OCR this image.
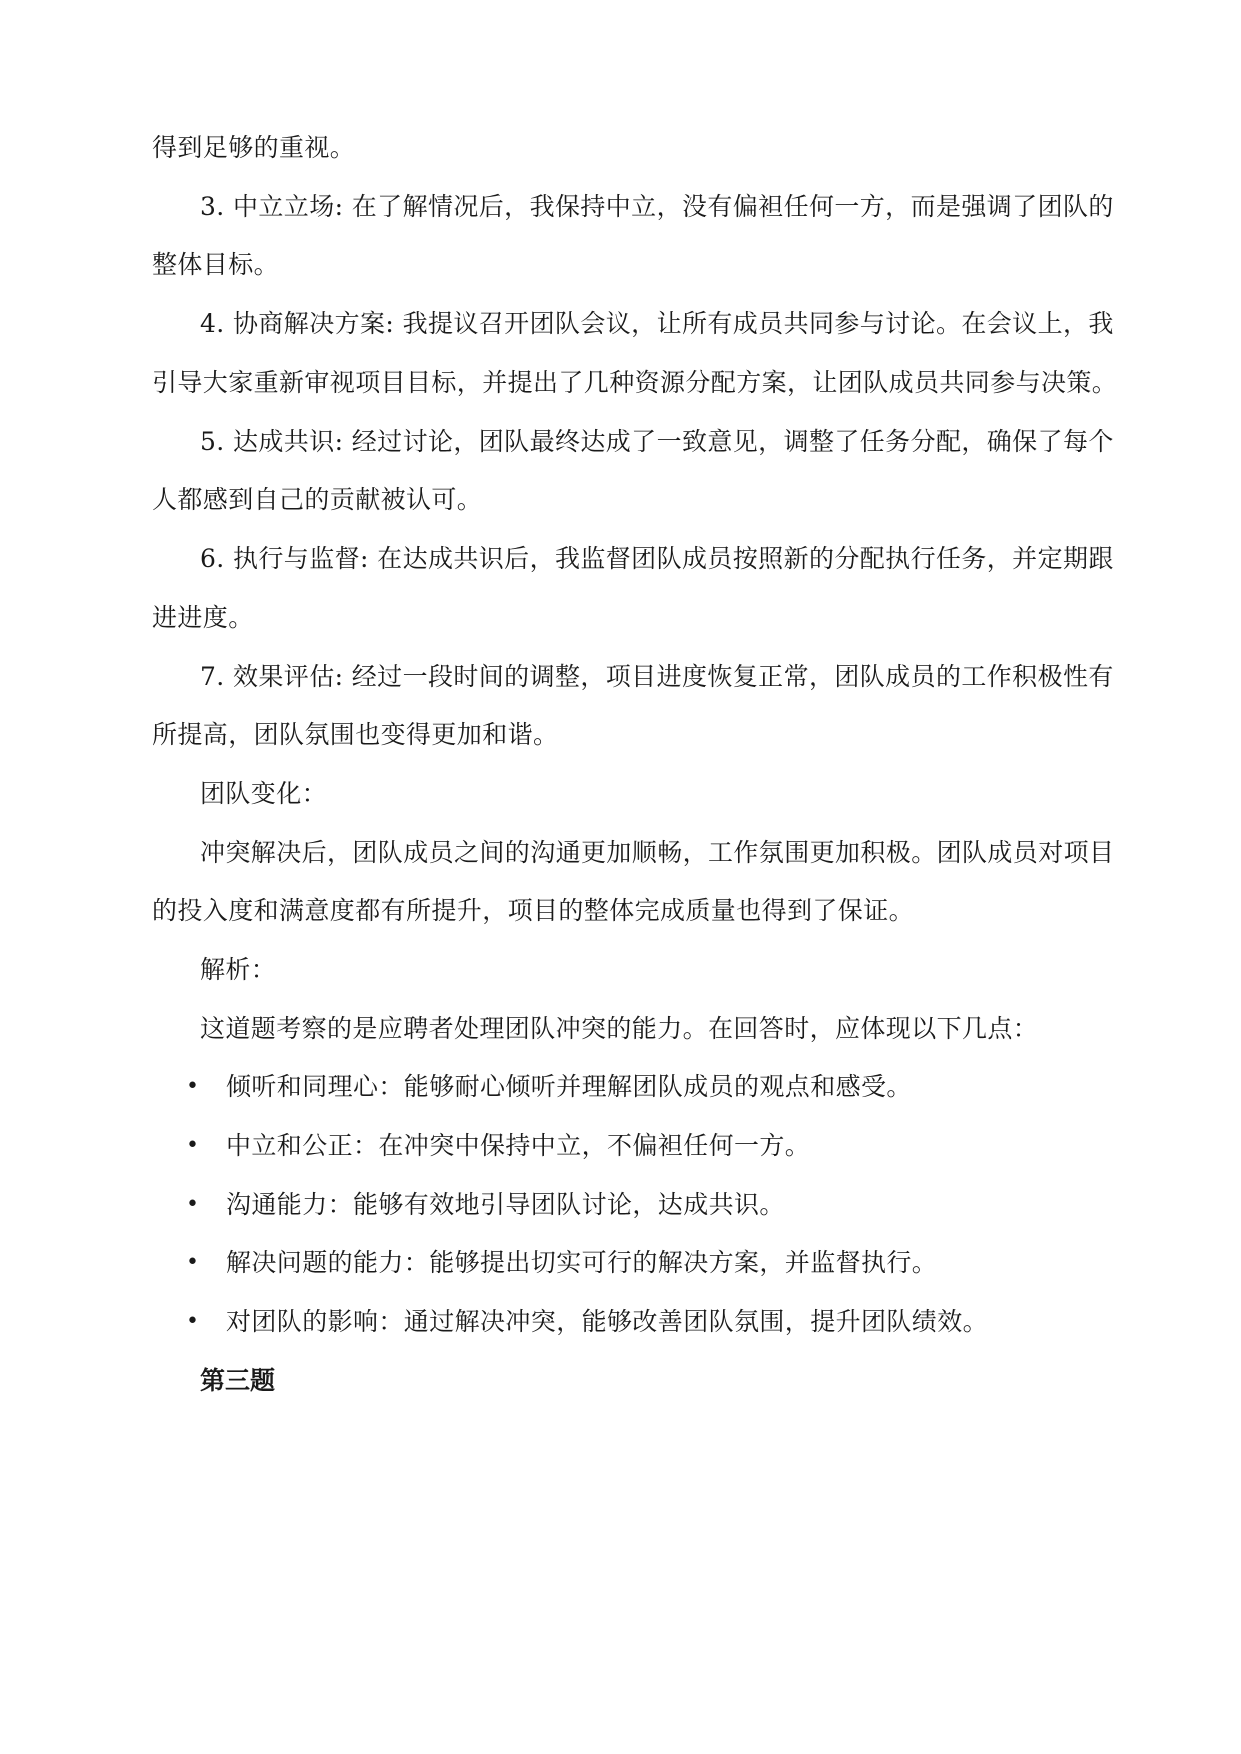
得到足够的重视。
3. 中立立场: 在了解情况后，我保持中立，没有偏袒任何一方，而是强调了团队的
整体目标。
4. 协商解决方案: 我提议召开团队会议，让所有成员共同参与讨论。在会议上，我
引导大家重新审视项目目标，并提出了几种资源分配方案，让团队成员共同参与决策。
5. 达成共识: 经过讨论，团队最终达成了一致意见，调整了任务分配，确保了每个
人都感到自己的贡献被认可。
6. 执行与监督: 在达成共识后，我监督团队成员按照新的分配执行任务，并定期跟
进进度。
7. 效果评估: 经过一段时间的调整，项目进度恢复正常，团队成员的工作积极性有
所提高，团队氛围也变得更加和谐。
团队变化：
冲突解决后，团队成员之间的沟通更加顺畅，工作氛围更加积极。团队成员对项目
的投入度和满意度都有所提升，项目的整体完成质量也得到了保证。
解析：
这道题考察的是应聘者处理团队冲突的能力。在回答时，应体现以下几点：
• 倾听和同理心：能够耐心倾听并理解团队成员的观点和感受。
• 中立和公正：在冲突中保持中立，不偏袒任何一方。
• 沟通能力：能够有效地引导团队讨论，达成共识。
• 解决问题的能力：能够提出切实可行的解决方案，并监督执行。
• 对团队的影响：通过解决冲突，能够改善团队氛围，提升团队绩效。
第三题
